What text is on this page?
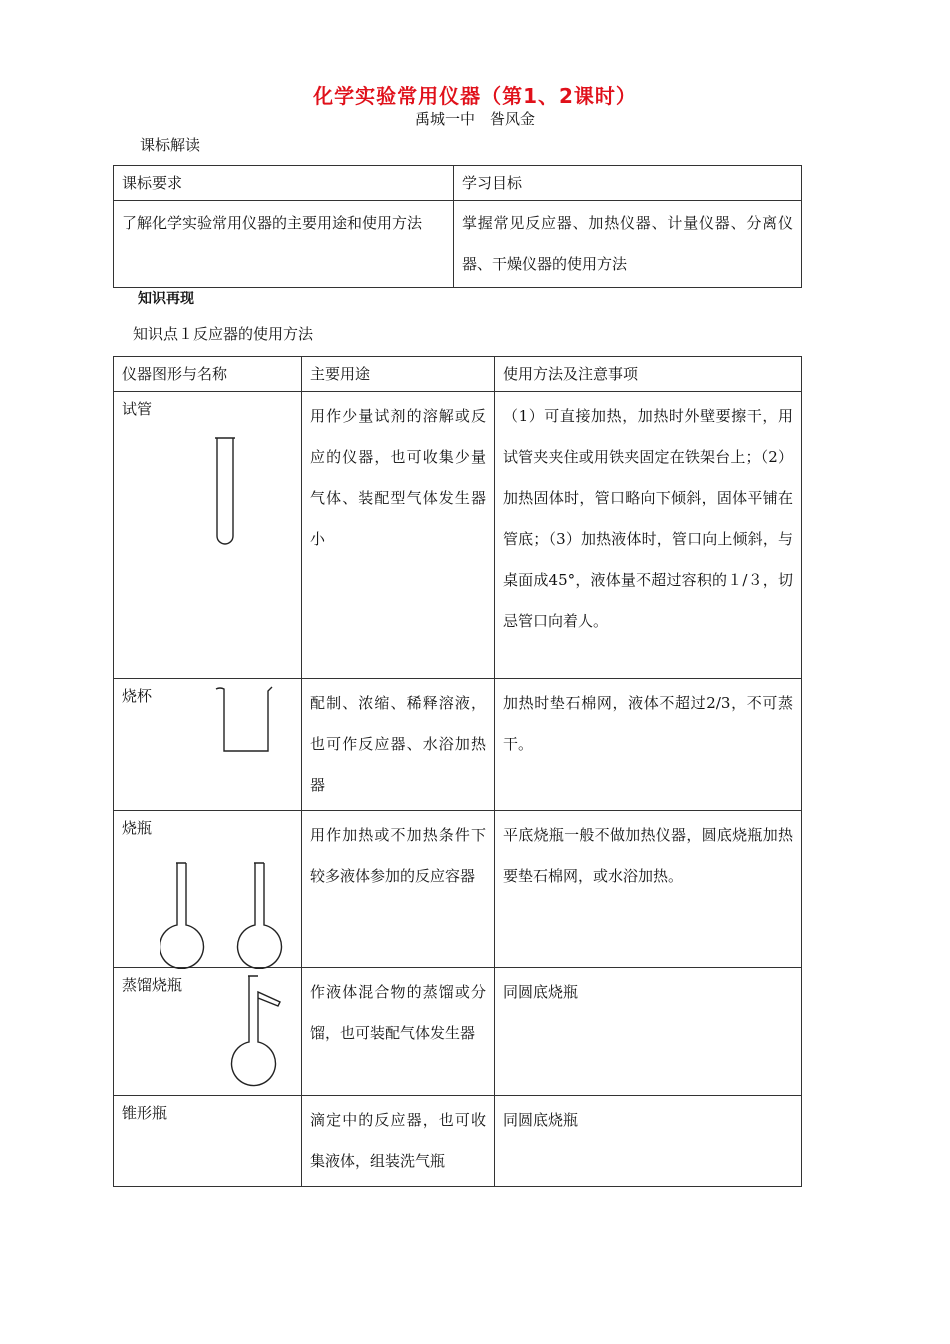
化学实验常用仪器（第1、2课时）
禹城一中　昝风金
课标解读
课标要求	学习目标
了解化学实验常用仪器的主要用途和使用方法	掌握常见反应器、加热仪器、计量仪器、分离仪器、干燥仪器的使用方法
知识再现
知识点１反应器的使用方法
仪器图形与名称	主要用途	使用方法及注意事项

试管	用作少量试剂的溶解或反应的仪器，也可收集少量气体、装配型气体发生器小	（1）可直接加热，加热时外壁要擦干，用试管夹夹住或用铁夹固定在铁架台上；（2）加热固体时，管口略向下倾斜，固体平铺在管底；（3）加热液体时，管口向上倾斜，与桌面成45°，液体量不超过容积的１/３，切忌管口向着人。

烧杯	配制、浓缩、稀释溶液，也可作反应器、水浴加热器	加热时垫石棉网，液体不超过2/3，不可蒸干。

烧瓶	用作加热或不加热条件下较多液体参加的反应容器	平底烧瓶一般不做加热仪器，圆底烧瓶加热要垫石棉网，或水浴加热。

蒸馏烧瓶	作液体混合物的蒸馏或分馏，也可装配气体发生器	同圆底烧瓶

锥形瓶	滴定中的反应器，也可收集液体，组装洗气瓶	同圆底烧瓶
